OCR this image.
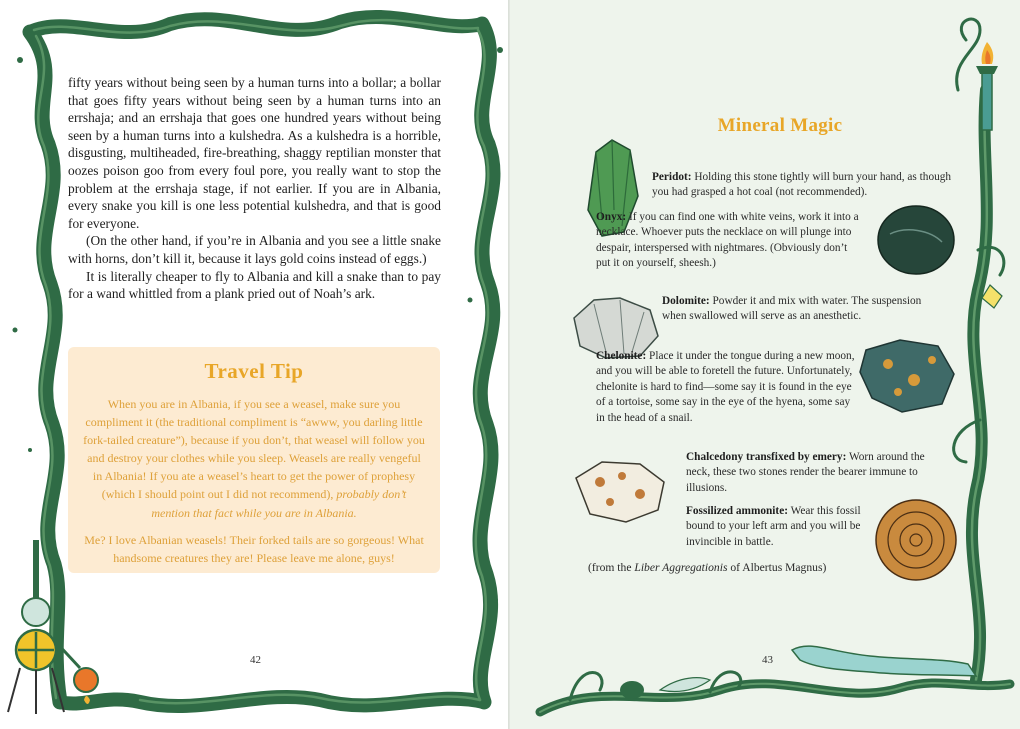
fifty years without being seen by a human turns into a bollar; a bollar that goes fifty years without being seen by a human turns into an errshaja; and an errshaja that goes one hundred years without being seen by a human turns into a kulshedra. As a kulshedra is a horrible, disgusting, multiheaded, fire-breathing, shaggy reptilian monster that oozes poison goo from every foul pore, you really want to stop the problem at the errshaja stage, if not earlier. If you are in Albania, every snake you kill is one less potential kulshedra, and that is good for everyone.

(On the other hand, if you’re in Albania and you see a little snake with horns, don’t kill it, because it lays gold coins instead of eggs.)

It is literally cheaper to fly to Albania and kill a snake than to pay for a wand whittled from a plank pried out of Noah’s ark.

Travel Tip

When you are in Albania, if you see a weasel, make sure you compliment it (the traditional compliment is “awww, you darling little fork-tailed creature”), because if you don’t, that weasel will follow you and destroy your clothes while you sleep. Weasels are really vengeful in Albania! If you ate a weasel’s heart to get the power of prophesy (which I should point out I did not recommend), probably don’t mention that fact while you are in Albania.

Me? I love Albanian weasels! Their forked tails are so gorgeous! What handsome creatures they are! Please leave me alone, guys!

42
Mineral Magic
Peridot: Holding this stone tightly will burn your hand, as though you had grasped a hot coal (not recommended).
Onyx: If you can find one with white veins, work it into a necklace. Whoever puts the necklace on will plunge into despair, interspersed with nightmares. (Obviously don’t put it on yourself, sheesh.)
Dolomite: Powder it and mix with water. The suspension when swallowed will serve as an anesthetic.
Chelonite: Place it under the tongue during a new moon, and you will be able to foretell the future. Unfortunately, chelonite is hard to find—some say it is found in the eye of a tortoise, some say in the eye of the hyena, some say in the head of a snail.
Chalcedony transfixed by emery: Worn around the neck, these two stones render the bearer immune to illusions.
Fossilized ammonite: Wear this fossil bound to your left arm and you will be invincible in battle.
(from the Liber Aggregationis of Albertus Magnus)
43
